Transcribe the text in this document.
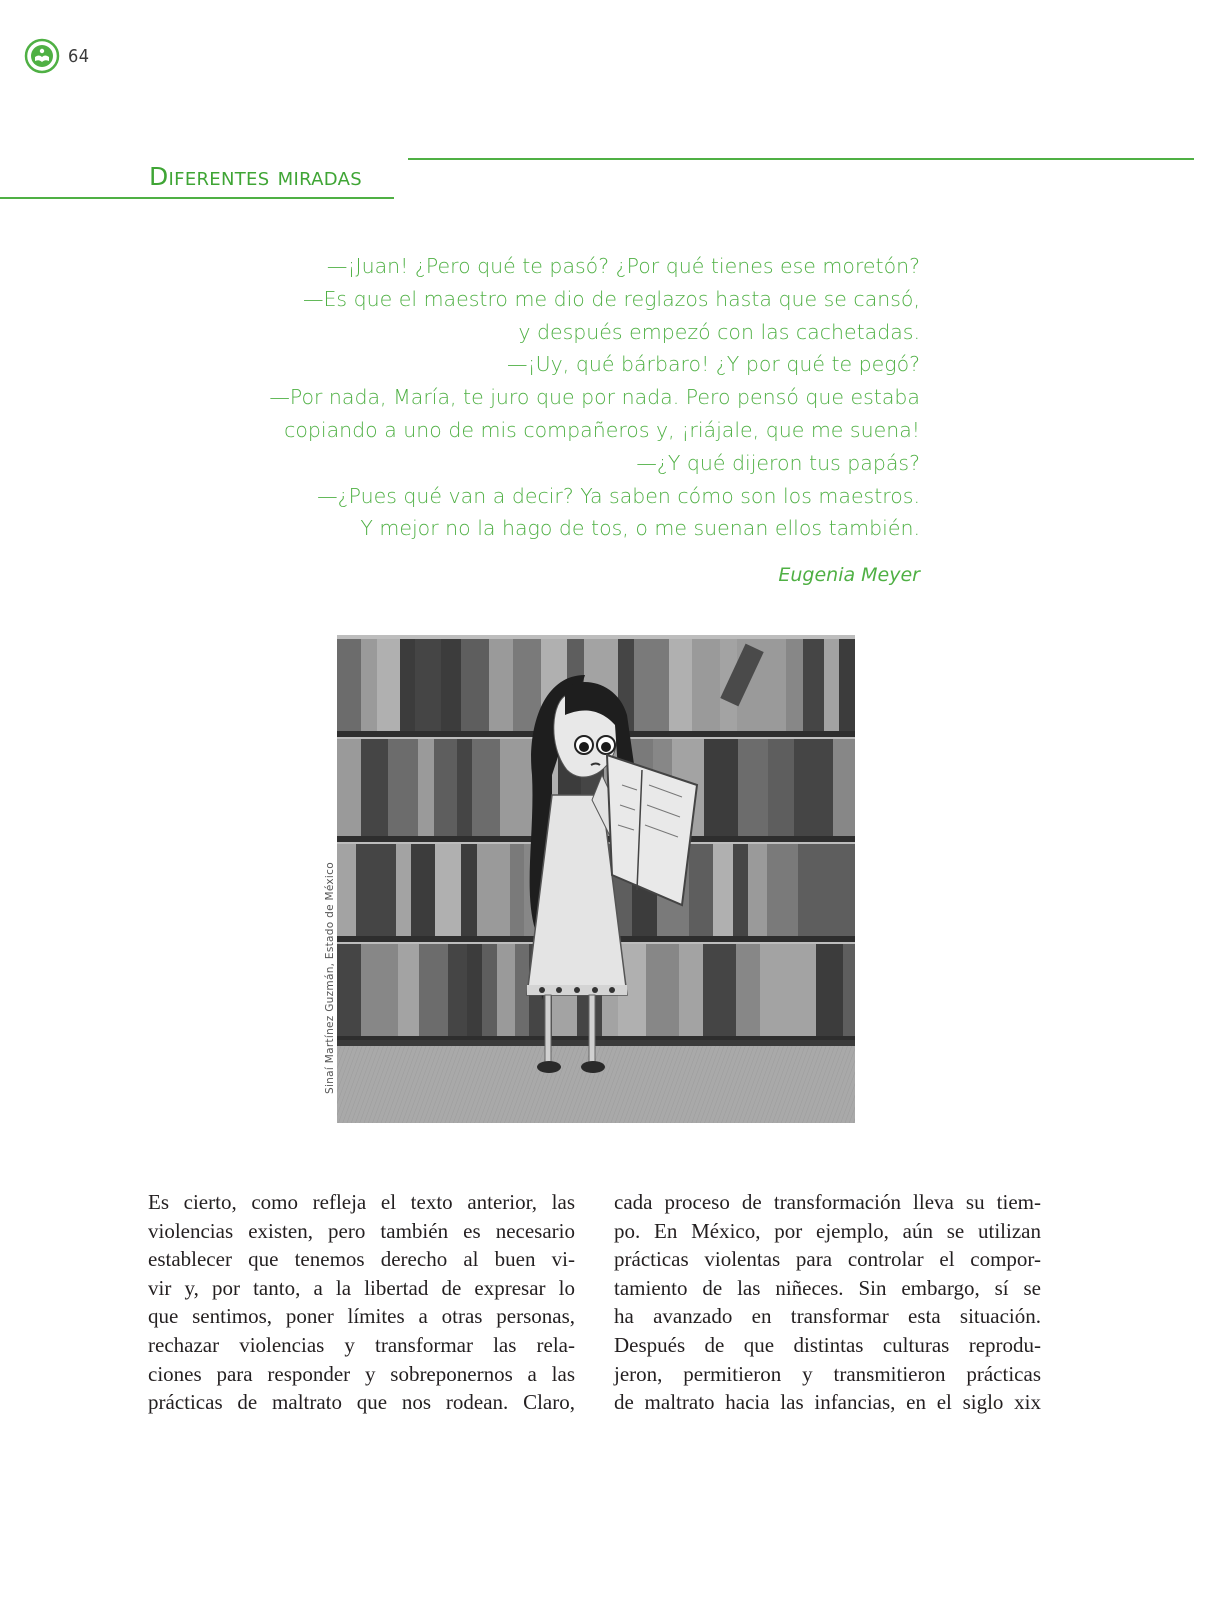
64
Diferentes miradas
—¡Juan! ¿Pero qué te pasó? ¿Por qué tienes ese moretón?
—Es que el maestro me dio de reglazos hasta que se cansó,
y después empezó con las cachetadas.
—¡Uy, qué bárbaro! ¿Y por qué te pegó?
—Por nada, María, te juro que por nada. Pero pensó que estaba
copiando a uno de mis compañeros y, ¡riájale, que me suena!
—¿Y qué dijeron tus papás?
—¿Pues qué van a decir? Ya saben cómo son los maestros.
Y mejor no la hago de tos, o me suenan ellos también.
Eugenia Meyer
Sinaí Martínez Guzmán, Estado de México
Es cierto, como refleja el texto anterior, las
violencias existen, pero también es necesario
establecer que tenemos derecho al buen vi-
vir y, por tanto, a la libertad de expresar lo
que sentimos, poner límites a otras personas,
rechazar violencias y transformar las rela-
ciones para responder y sobreponernos a las
prácticas de maltrato que nos rodean. Claro,
cada proceso de transformación lleva su tiem-
po. En México, por ejemplo, aún se utilizan
prácticas violentas para controlar el compor-
tamiento de las niñeces. Sin embargo, sí se
ha avanzado en transformar esta situación.
Después de que distintas culturas reprodu-
jeron, permitieron y transmitieron prácticas
de maltrato hacia las infancias, en el siglo xix
